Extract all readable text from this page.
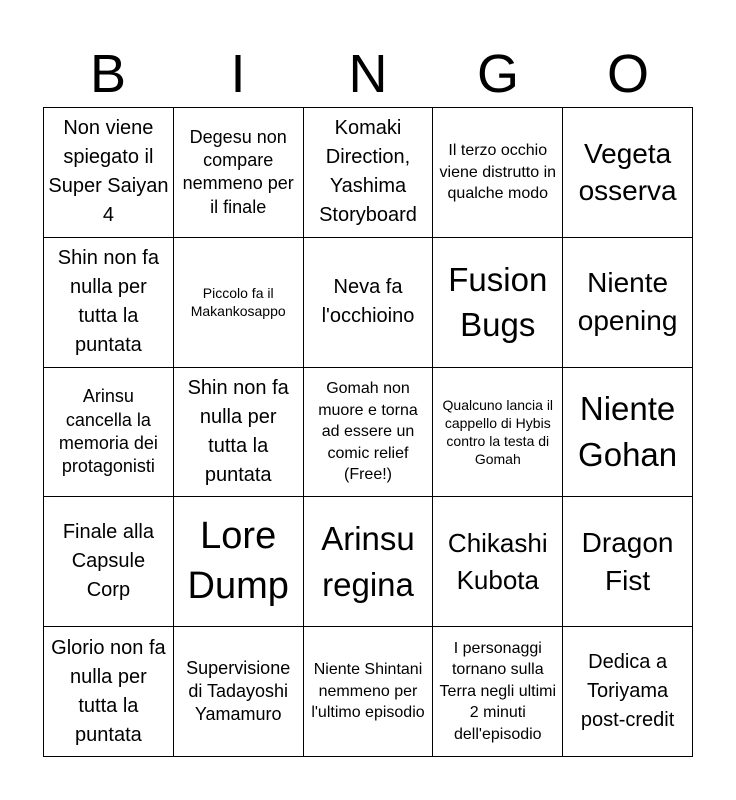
B	I	N	G	O
Non viene spiegato il Super Saiyan 4
Degesu non compare nemmeno per il finale
Komaki Direction, Yashima Storyboard
Il terzo occhio viene distrutto in qualche modo
Vegeta osserva
Shin non fa nulla per tutta la puntata
Piccolo fa il Makankosappo
Neva fa l'occhioino
Fusion Bugs
Niente opening
Arinsu cancella la memoria dei protagonisti
Shin non fa nulla per tutta la puntata
Gomah non muore e torna ad essere un comic relief (Free!)
Qualcuno lancia il cappello di Hybis contro la testa di Gomah
Niente Gohan
Finale alla Capsule Corp
Lore Dump
Arinsu regina
Chikashi Kubota
Dragon Fist
Glorio non fa nulla per tutta la puntata
Supervisione di Tadayoshi Yamamuro
Niente Shintani nemmeno per l'ultimo episodio
I personaggi tornano sulla Terra negli ultimi 2 minuti dell'episodio
Dedica a Toriyama post-credit
